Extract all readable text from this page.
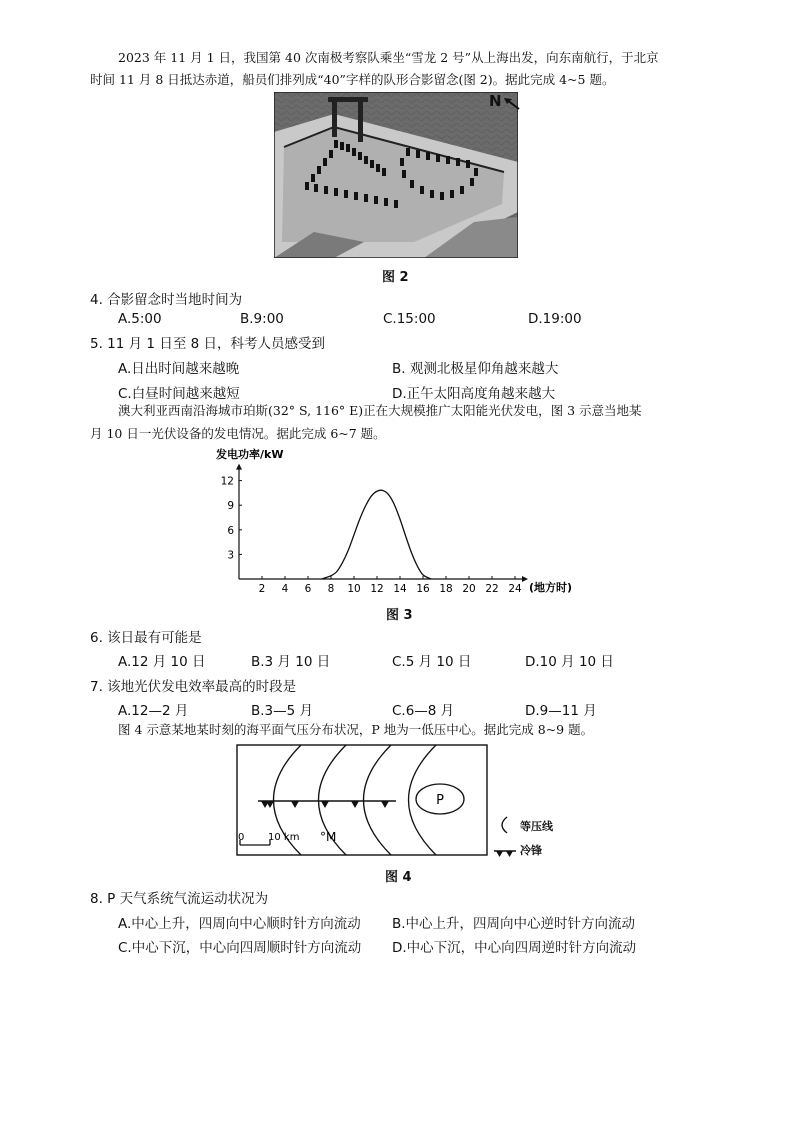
2023 年 11 月 1 日，我国第 40 次南极考察队乘坐“雪龙 2 号”从上海出发，向东南航行，于北京
时间 11 月 8 日抵达赤道，船员们排列成“40”字样的队形合影留念(图 2)。据此完成 4~5 题。
N
图 2
4. 合影留念时当地时间为
A.5:00	B.9:00	C.15:00	D.19:00
5. 11 月 1 日至 8 日，科考人员感受到
A.日出时间越来越晚	B. 观测北极星仰角越来越大
C.白昼时间越来越短	D.正午太阳高度角越来越大
澳大利亚西南沿海城市珀斯(32° S, 116° E)正在大规模推广太阳能光伏发电，图 3 示意当地某
月 10 日一光伏设备的发电情况。据此完成 6~7 题。
2 4 6 8 10 12 14 16 18 20 22 24
3
6
9
12
发电功率/kW
(地方时)
图 3
6. 该日最有可能是
A.12 月 10 日	B.3 月 10 日	C.5 月 10 日	D.10 月 10 日
7. 该地光伏发电效率最高的时段是
A.12—2 月	B.3—5 月	C.6—8 月	D.9—11 月
图 4 示意某地某时刻的海平面气压分布状况，P 地为一低压中心。据此完成 8~9 题。
P
°M
0 10 km
等压线
冷锋
图 4
8. P 天气系统气流运动状况为
A.中心上升，四周向中心顺时针方向流动 B.中心上升，四周向中心逆时针方向流动
C.中心下沉，中心向四周顺时针方向流动 D.中心下沉，中心向四周逆时针方向流动
